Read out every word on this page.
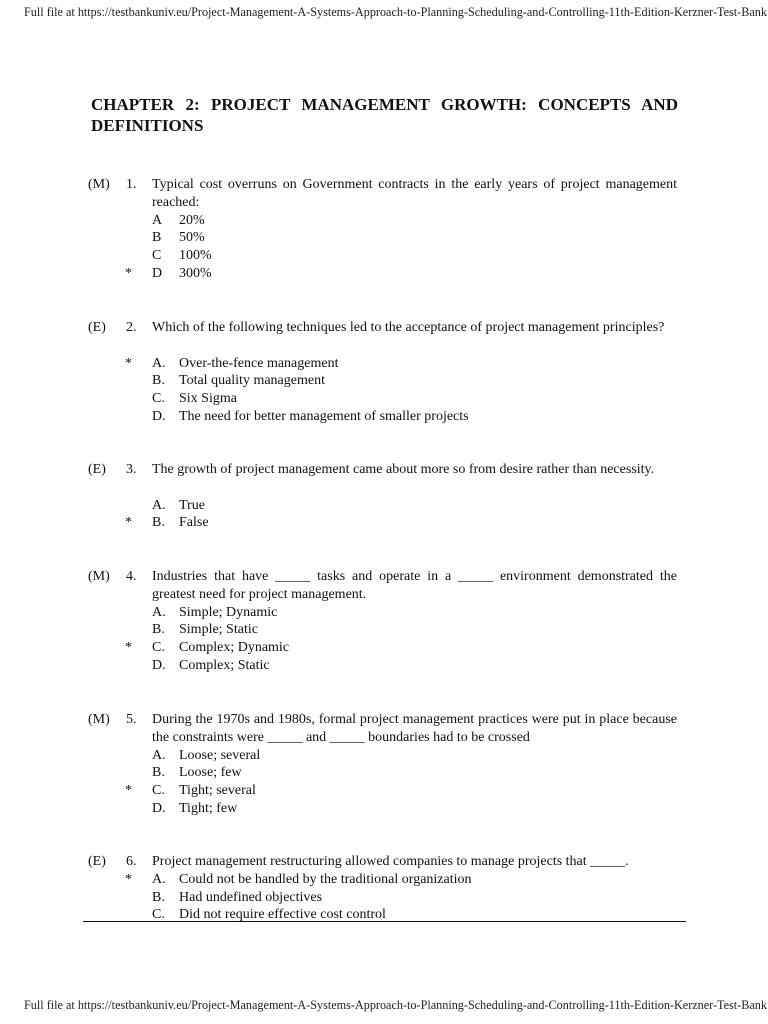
Full file at https://testbankuniv.eu/Project-Management-A-Systems-Approach-to-Planning-Scheduling-and-Controlling-11th-Edition-Kerzner-Test-Bank
CHAPTER 2: PROJECT MANAGEMENT GROWTH: CONCEPTS AND DEFINITIONS
(M) 1. Typical cost overruns on Government contracts in the early years of project management reached:
A 20%
B 50%
C 100%
* D 300%
(E) 2. Which of the following techniques led to the acceptance of project management principles?
* A. Over-the-fence management
B. Total quality management
C. Six Sigma
D. The need for better management of smaller projects
(E) 3. The growth of project management came about more so from desire rather than necessity.
A. True
* B. False
(M) 4. Industries that have _____ tasks and operate in a _____ environment demonstrated the greatest need for project management.
A. Simple; Dynamic
B. Simple; Static
* C. Complex; Dynamic
D. Complex; Static
(M) 5. During the 1970s and 1980s, formal project management practices were put in place because the constraints were _____ and _____ boundaries had to be crossed
A. Loose; several
B. Loose; few
* C. Tight; several
D. Tight; few
(E) 6. Project management restructuring allowed companies to manage projects that _____.
* A. Could not be handled by the traditional organization
B. Had undefined objectives
C. Did not require effective cost control
Full file at https://testbankuniv.eu/Project-Management-A-Systems-Approach-to-Planning-Scheduling-and-Controlling-11th-Edition-Kerzner-Test-Bank
